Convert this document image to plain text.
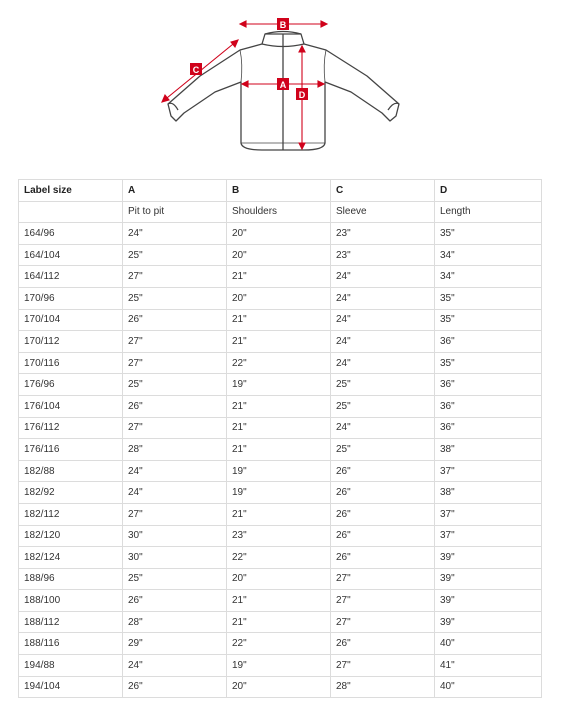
B
C
A
D
Label size	A	B	C	D
	Pit to pit	Shoulders	Sleeve	Length
164/96	24"	20"	23"	35"
164/104	25"	20"	23"	34"
164/112	27"	21"	24"	34"
170/96	25"	20"	24"	35"
170/104	26"	21"	24"	35"
170/112	27"	21"	24"	36"
170/116	27"	22"	24"	35"
176/96	25"	19"	25"	36"
176/104	26"	21"	25"	36"
176/112	27"	21"	24"	36"
176/116	28"	21"	25"	38"
182/88	24"	19"	26"	37"
182/92	24"	19"	26"	38"
182/112	27"	21"	26"	37"
182/120	30"	23"	26"	37"
182/124	30"	22"	26"	39"
188/96	25"	20"	27"	39"
188/100	26"	21"	27"	39"
188/112	28"	21"	27"	39"
188/116	29"	22"	26"	40"
194/88	24"	19"	27"	41"
194/104	26"	20"	28"	40"
